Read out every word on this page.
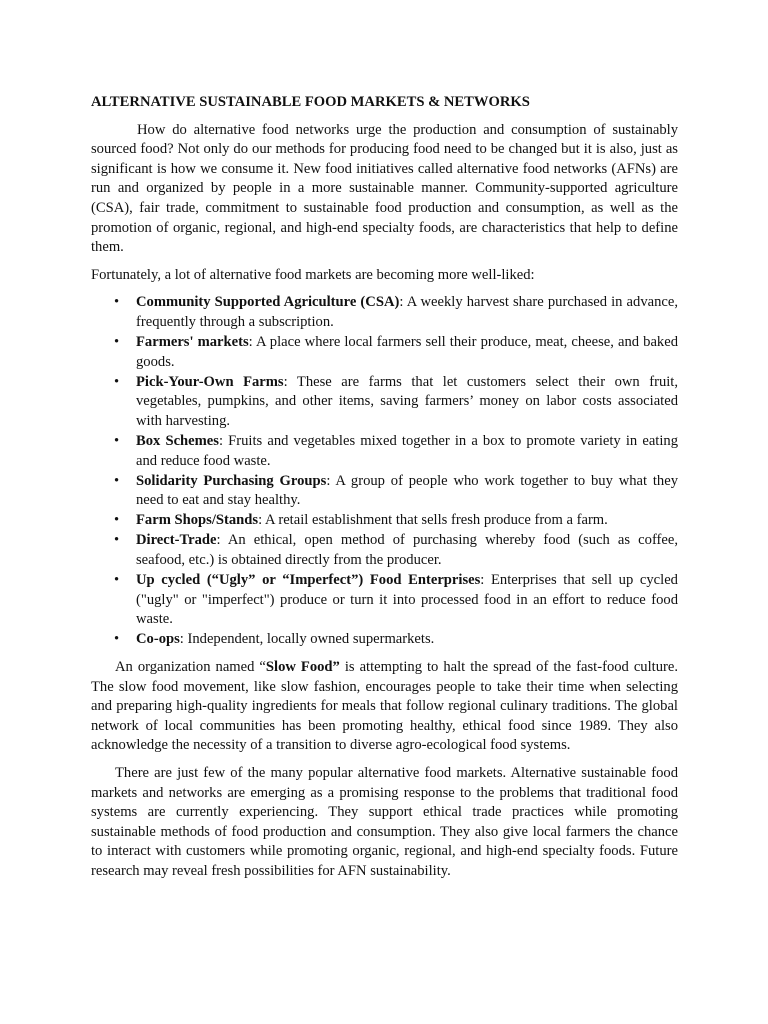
ALTERNATIVE SUSTAINABLE FOOD MARKETS & NETWORKS

How do alternative food networks urge the production and consumption of sustainably sourced food? Not only do our methods for producing food need to be changed but it is also, just as significant is how we consume it. New food initiatives called alternative food networks (AFNs) are run and organized by people in a more sustainable manner. Community-supported agriculture (CSA), fair trade, commitment to sustainable food production and consumption, as well as the promotion of organic, regional, and high-end specialty foods, are characteristics that help to define them.

Fortunately, a lot of alternative food markets are becoming more well-liked:

• Community Supported Agriculture (CSA): A weekly harvest share purchased in advance, frequently through a subscription.
• Farmers' markets: A place where local farmers sell their produce, meat, cheese, and baked goods.
• Pick-Your-Own Farms: These are farms that let customers select their own fruit, vegetables, pumpkins, and other items, saving farmers’ money on labor costs associated with harvesting.
• Box Schemes: Fruits and vegetables mixed together in a box to promote variety in eating and reduce food waste.
• Solidarity Purchasing Groups: A group of people who work together to buy what they need to eat and stay healthy.
• Farm Shops/Stands: A retail establishment that sells fresh produce from a farm.
• Direct-Trade: An ethical, open method of purchasing whereby food (such as coffee, seafood, etc.) is obtained directly from the producer.
• Up cycled (“Ugly” or “Imperfect”) Food Enterprises: Enterprises that sell up cycled ("ugly" or "imperfect") produce or turn it into processed food in an effort to reduce food waste.
• Co-ops: Independent, locally owned supermarkets.

An organization named “Slow Food” is attempting to halt the spread of the fast-food culture. The slow food movement, like slow fashion, encourages people to take their time when selecting and preparing high-quality ingredients for meals that follow regional culinary traditions. The global network of local communities has been promoting healthy, ethical food since 1989. They also acknowledge the necessity of a transition to diverse agro-ecological food systems.

There are just few of the many popular alternative food markets. Alternative sustainable food markets and networks are emerging as a promising response to the problems that traditional food systems are currently experiencing. They support ethical trade practices while promoting sustainable methods of food production and consumption. They also give local farmers the chance to interact with customers while promoting organic, regional, and high-end specialty foods. Future research may reveal fresh possibilities for AFN sustainability.
